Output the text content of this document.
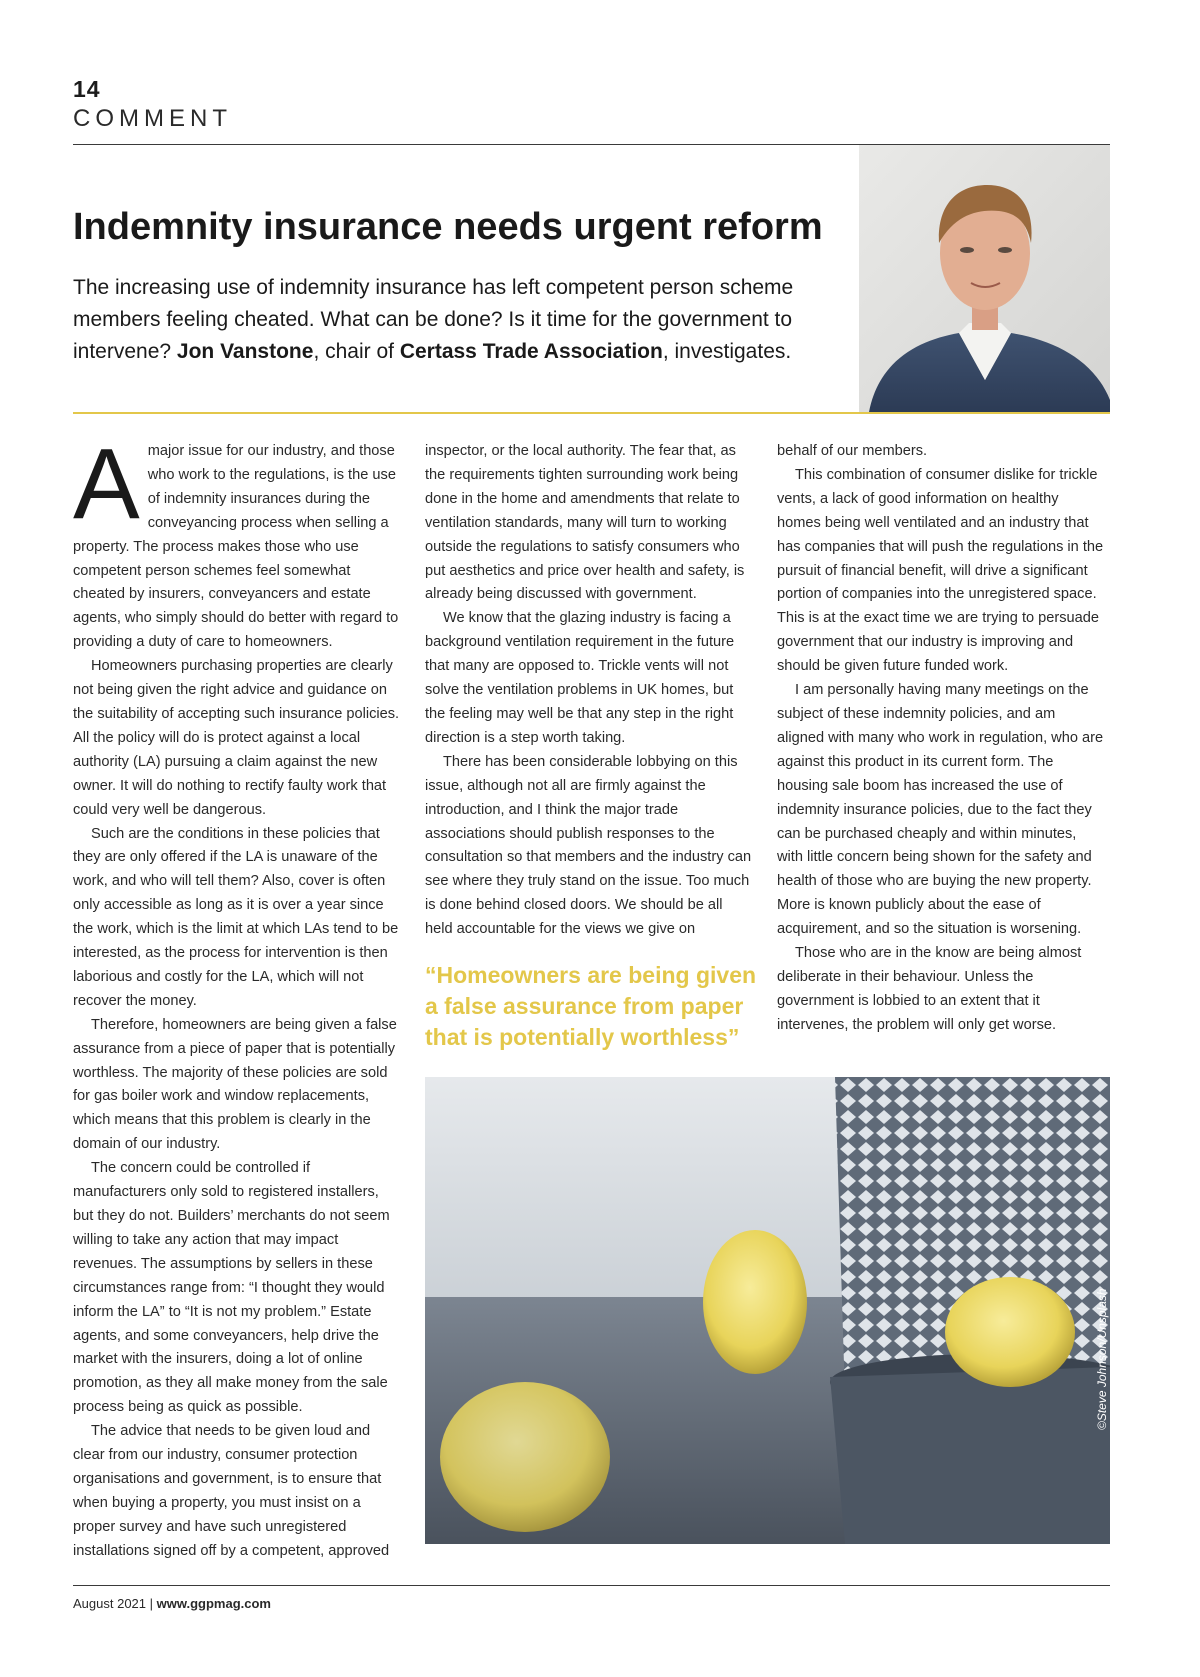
14
COMMENT
Indemnity insurance needs urgent reform
The increasing use of indemnity insurance has left competent person scheme members feeling cheated. What can be done? Is it time for the government to intervene? Jon Vanstone, chair of Certass Trade Association, investigates.

Amajor issue for our industry, and those who work to the regulations, is the use of indemnity insurances during the conveyancing process when selling a property. The process makes those who use competent person schemes feel somewhat cheated by insurers, conveyancers and estate agents, who simply should do better with regard to providing a duty of care to homeowners.

Homeowners purchasing properties are clearly not being given the right advice and guidance on the suitability of accepting such insurance policies. All the policy will do is protect against a local authority (LA) pursuing a claim against the new owner. It will do nothing to rectify faulty work that could very well be dangerous.

Such are the conditions in these policies that they are only offered if the LA is unaware of the work, and who will tell them? Also, cover is often only accessible as long as it is over a year since the work, which is the limit at which LAs tend to be interested, as the process for intervention is then laborious and costly for the LA, which will not recover the money.

Therefore, homeowners are being given a false assurance from a piece of paper that is potentially worthless. The majority of these policies are sold for gas boiler work and window replacements, which means that this problem is clearly in the domain of our industry.

The concern could be controlled if manufacturers only sold to registered installers, but they do not. Builders’ merchants do not seem willing to take any action that may impact revenues. The assumptions by sellers in these circumstances range from: “I thought they would inform the LA” to “It is not my problem.” Estate agents, and some conveyancers, help drive the market with the insurers, doing a lot of online promotion, as they all make money from the sale process being as quick as possible.

The advice that needs to be given loud and clear from our industry, consumer protection organisations and government, is to ensure that when buying a property, you must insist on a proper survey and have such unregistered installations signed off by a competent, approved

inspector, or the local authority. The fear that, as the requirements tighten surrounding work being done in the home and amendments that relate to ventilation standards, many will turn to working outside the regulations to satisfy consumers who put aesthetics and price over health and safety, is already being discussed with government.

We know that the glazing industry is facing a background ventilation requirement in the future that many are opposed to. Trickle vents will not solve the ventilation problems in UK homes, but the feeling may well be that any step in the right direction is a step worth taking.

There has been considerable lobbying on this issue, although not all are firmly against the introduction, and I think the major trade associations should publish responses to the consultation so that members and the industry can see where they truly stand on the issue. Too much is done behind closed doors. We should be all held accountable for the views we give on

“Homeowners are being given a false assurance from paper that is potentially worthless”

behalf of our members.

This combination of consumer dislike for trickle vents, a lack of good information on healthy homes being well ventilated and an industry that has companies that will push the regulations in the pursuit of financial benefit, will drive a significant portion of companies into the unregistered space. This is at the exact time we are trying to persuade government that our industry is improving and should be given future funded work.

I am personally having many meetings on the subject of these indemnity policies, and am aligned with many who work in regulation, who are against this product in its current form. The housing sale boom has increased the use of indemnity insurance policies, due to the fact they can be purchased cheaply and within minutes, with little concern being shown for the safety and health of those who are buying the new property. More is known publicly about the ease of acquirement, and so the situation is worsening.

Those who are in the know are being almost deliberate in their behaviour. Unless the government is lobbied to an extent that it intervenes, the problem will only get worse.

©Steve Johnson/Unsplash
August 2021 | www.ggpmag.com
